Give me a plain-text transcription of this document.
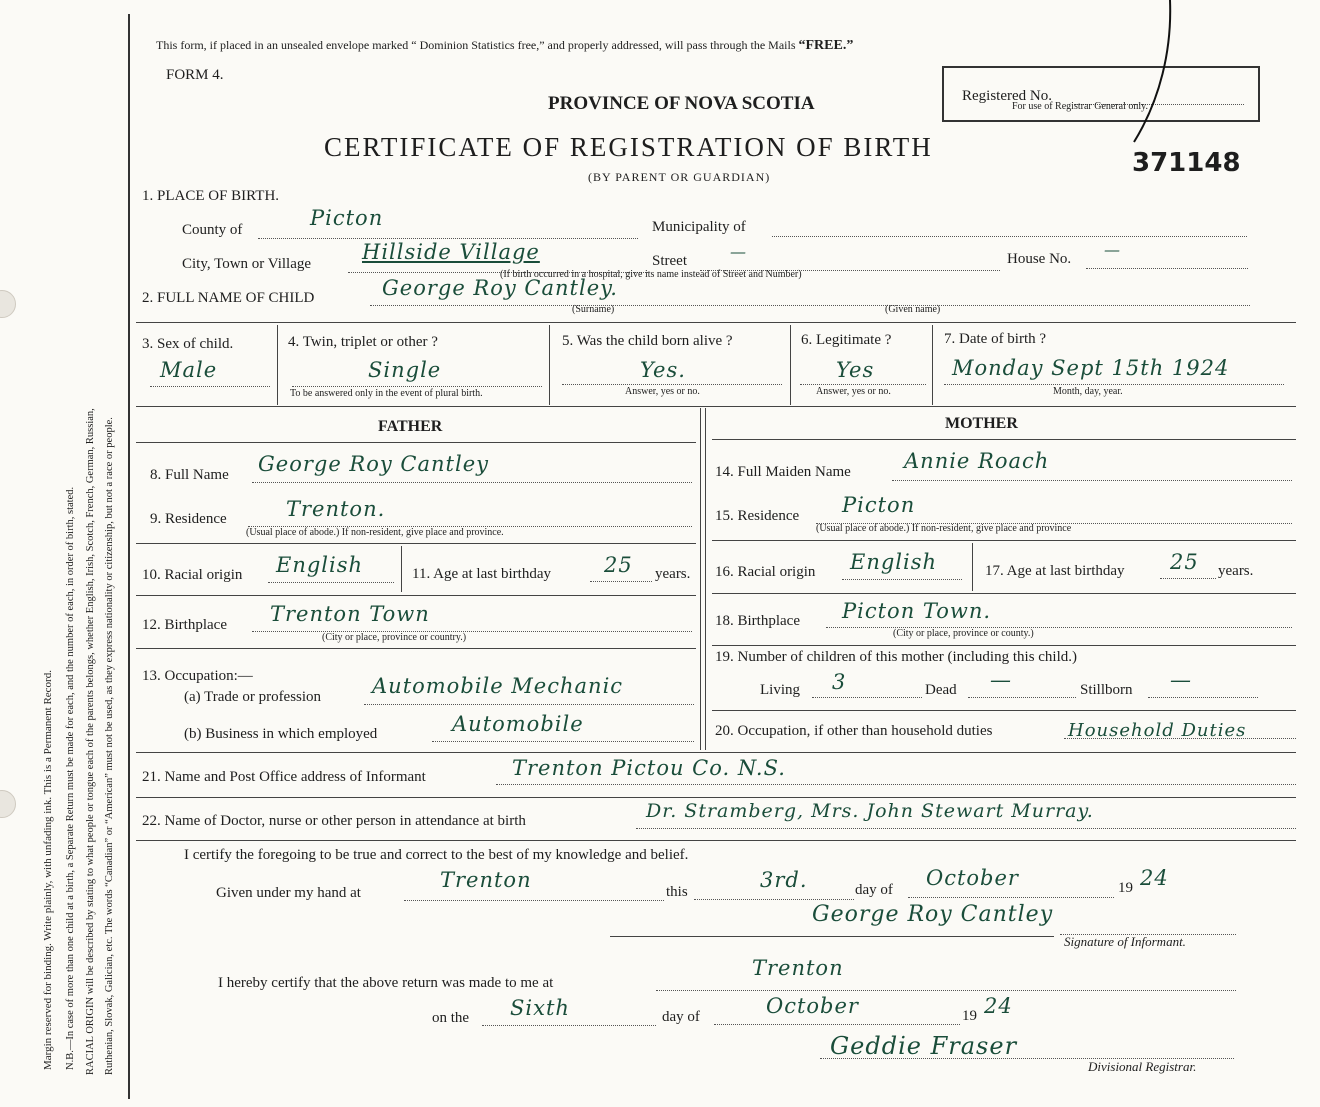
Margin reserved for binding. Write plainly, with unfading ink. This is a Permanent Record. N.B.—In case of more than one child at a birth, a Separate Return must be made for each, and the number of each, in order of birth, stated. RACIAL ORIGIN will be described by stating to what people or tongue each of the parents belongs, whether English, Irish, Scotch, French, German, Russian, Ruthenian, Slovak, Galician, etc. The words “Canadian” or “American” must not be used, as they express nationality or citizenship, but not a race or people.
This form, if placed in an unsealed envelope marked “ Dominion Statistics free,” and properly addressed, will pass through the Mails “FREE.”
FORM 4.
PROVINCE OF NOVA SCOTIA
CERTIFICATE OF REGISTRATION OF BIRTH
(BY PARENT OR GUARDIAN)
Registered No.
For use of Registrar General only.
371148
1. PLACE OF BIRTH.
County of	Picton	Municipality of
City, Town or Village Hillside Village	Street	—	House No. —
(If birth occurred in a hospital, give its name instead of Street and Number)
2. FULL NAME OF CHILD	George Roy Cantley.
(Surname)	(Given name)
3. Sex of child.
Male
4. Twin, triplet or other ?
Single
To be answered only in the event of plural birth.
5. Was the child born alive ?
Yes.
Answer, yes or no.
6. Legitimate ?
Yes
Answer, yes or no.
7. Date of birth ?
Monday Sept 15th 1924
Month, day, year.
FATHER	MOTHER
8. Full Name George Roy Cantley	14. Full Maiden Name	Annie Roach
9. Residence	Trenton.
(Usual place of abode.) If non-resident, give place and province.
15. Residence Picton
(Usual place of abode.) If non-resident, give place and province
10. Racial origin English	11. Age at last birthday	25 years. 16. Racial origin English	17. Age at last birthday 25 years.
12. Birthplace Trenton Town
(City or place, province or country.)
18. Birthplace Picton Town.
(City or place, province or county.)
13. Occupation:—
(a) Trade or profession Automobile Mechanic
(b) Business in which employed	Automobile
19. Number of children of this mother (including this child.)
Living 3	Dead —	Stillborn —
20. Occupation, if other than household duties	Household Duties
21. Name and Post Office address of Informant	Trenton Pictou Co. N.S.
22. Name of Doctor, nurse or other person in attendance at birth	Dr. Stramberg, Mrs. John Stewart Murray.
I certify the foregoing to be true and correct to the best of my knowledge and belief.
Given under my hand at
Trenton	this	3rd.	day of October	19 24
George Roy Cantley
Signature of Informant.
I hereby certify that the above return was made to me at
Trenton
on the Sixth	day of	October	19 24
Geddie Fraser
Divisional Registrar.
